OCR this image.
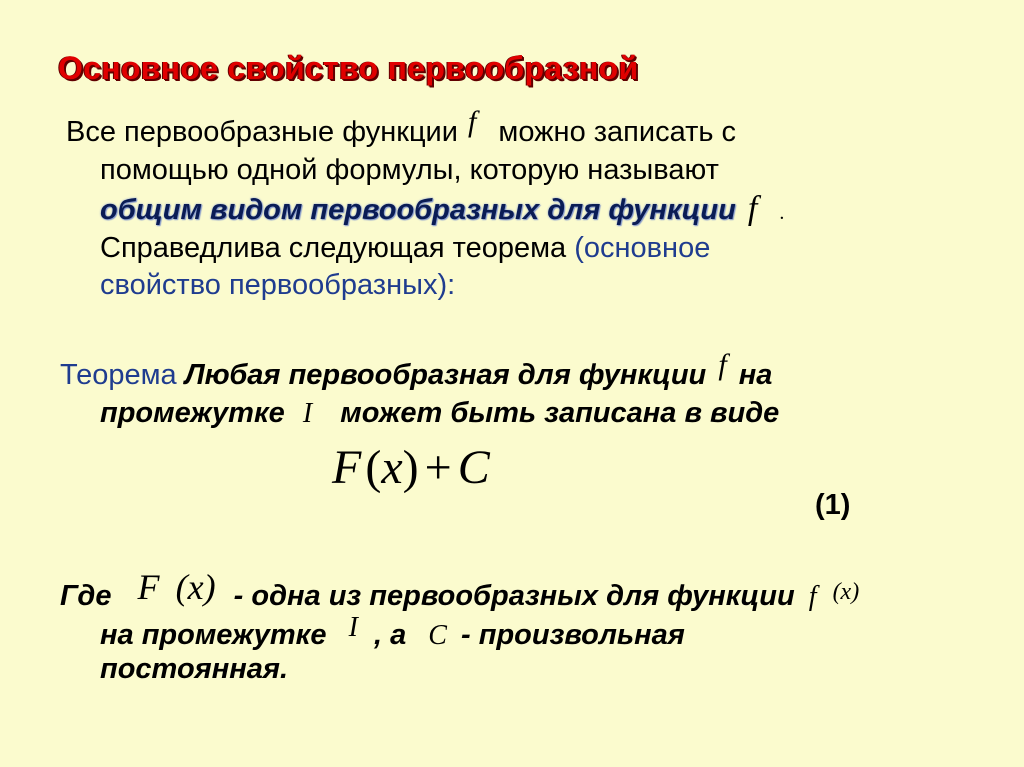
Основное свойство первообразной
Все первообразные функции f можно записать с
помощью одной формулы, которую называют
общим видом первообразных для функции f .
Справедлива следующая теорема (основное
свойство первообразных):
Теорема Любая первообразная для функции f на
промежутке I может быть записана в виде
F(x) + C
(1)
Где F (x) - одна из первообразных для функции f $^{(x)}$
на промежутке I , а C - произвольная
постоянная.
